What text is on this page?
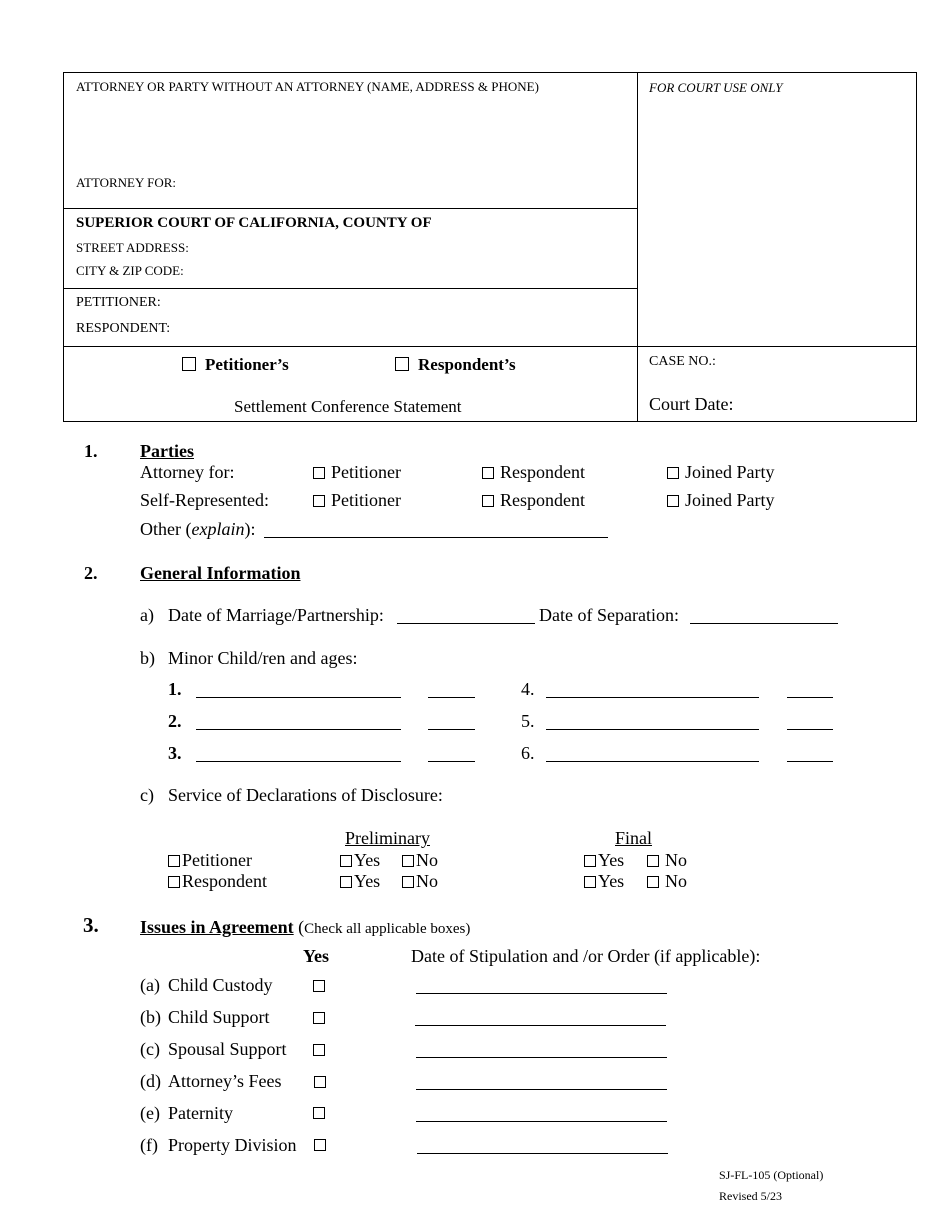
ATTORNEY OR PARTY WITHOUT AN ATTORNEY (NAME, ADDRESS & PHONE)
ATTORNEY FOR:
FOR COURT USE ONLY
SUPERIOR COURT OF CALIFORNIA, COUNTY OF
STREET ADDRESS:
CITY & ZIP CODE:
PETITIONER:
RESPONDENT:
Petitioner’s	Respondent’s
Settlement Conference Statement
CASE NO.:
Court Date:
1. Parties
Attorney for:	Petitioner	Respondent	Joined Party
Self-Represented:	Petitioner	Respondent	Joined Party
Other (explain):
2. General Information
a) Date of Marriage/Partnership:	Date of Separation:
b) Minor Child/ren and ages:
1.	4.
2.	5.
3.	6.
c) Service of Declarations of Disclosure:
Preliminary	Final
Petitioner	Yes	No	Yes	No
Respondent	Yes	No	Yes	No
3. Issues in Agreement (Check all applicable boxes)
Yes	Date of Stipulation and /or Order (if applicable):
(a) Child Custody
(b) Child Support
(c) Spousal Support
(d) Attorney’s Fees
(e) Paternity
(f) Property Division
SJ-FL-105 (Optional)
Revised 5/23
